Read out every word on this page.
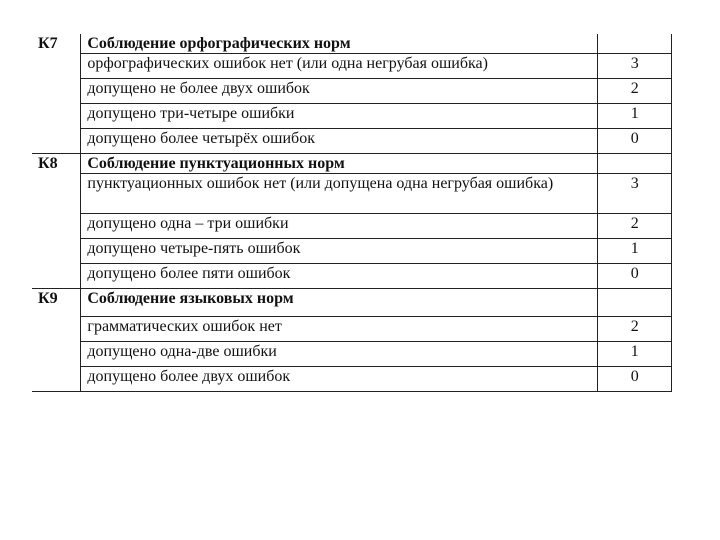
К7	Соблюдение орфографических норм	
	орфографических ошибок нет (или одна негрубая ошибка)	3
	допущено не более двух ошибок	2
	допущено три-четыре ошибки	1
	допущено более четырёх ошибок	0
К8	Соблюдение пунктуационных норм	
	пунктуационных ошибок нет (или допущена одна негрубая ошибка)	3
	допущено одна – три ошибки	2
	допущено четыре-пять ошибок	1
	допущено более пяти ошибок	0
К9	Соблюдение языковых норм	
	грамматических ошибок нет	2
	допущено одна-две ошибки	1
	допущено более двух ошибок	0
